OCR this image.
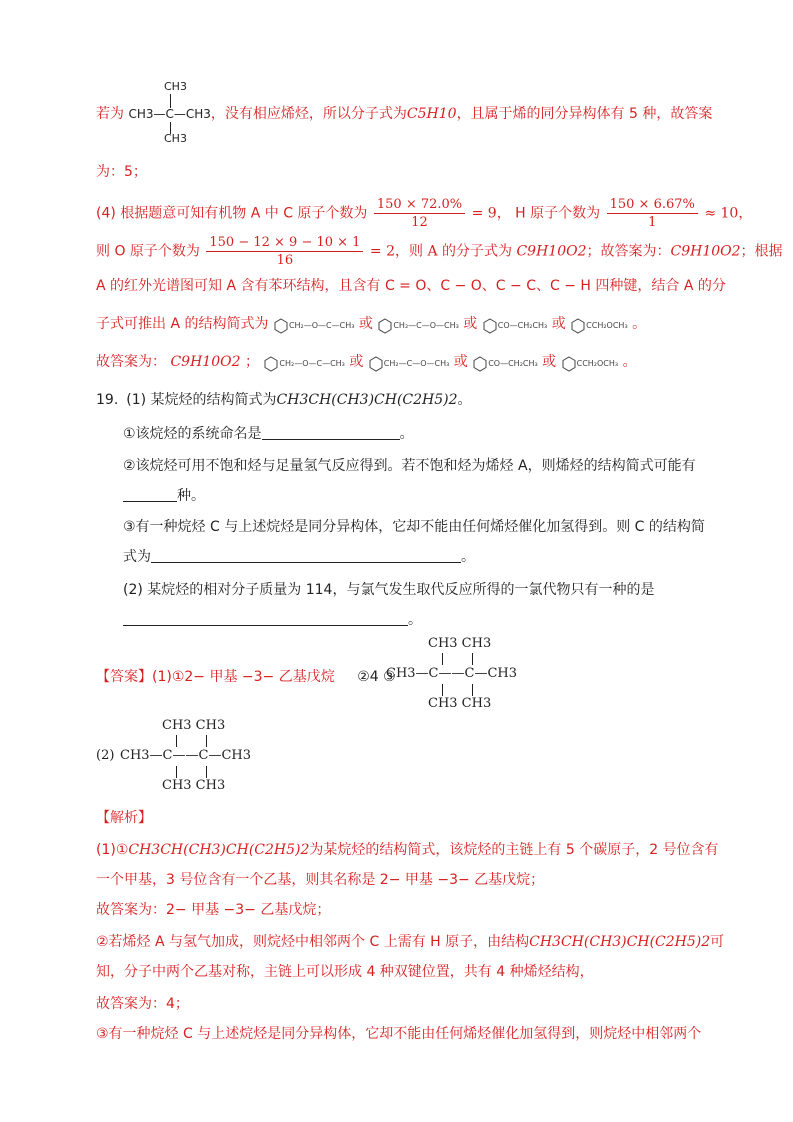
CH3
CH3
若为 CH3—C—CH3，没有相应烯烃，所以分子式为C5H10，且属于烯的同分异构体有 5 种，故答案
为：5；
(4) 根据题意可知有机物 A 中 C 原子个数为 $\frac{150 \times 72.0\%}{12} = 9$， H 原子个数为 $\frac{150 \times 6.67\%}{1} \approx 10$，
则 O 原子个数为 $\frac{150 - 12 \times 9 - 10 \times 1}{16} = 2$，则 A 的分子式为 C9H10O2；故答案为：C9H10O2；根据
A 的红外光谱图可知 A 含有苯环结构，且含有 C = O、C − O、C − C、C − H 四种键，结合 A 的分
子式可推出 A 的结构简式为	CH₂—O—C—CH₃ 或	CH₂—C—O—CH₃ 或	CO—CH₂CH₃ 或	CCH₂OCH₃ 。
故答案为： C9H10O2 ；	CH₂—O—C—CH₃ 或	CH₂—C—O—CH₃ 或	CO—CH₂CH₃ 或	CCH₂OCH₃ 。
19. (1) 某烷烃的结构简式为CH3CH(CH3)CH(C2H5)2。
①该烷烃的系统命名是	。
②该烷烃可用不饱和烃与足量氢气反应得到。若不饱和烃为烯烃 A，则烯烃的结构简式可能有
种。
③有一种烷烃 C 与上述烷烃是同分异构体，它却不能由任何烯烃催化加氢得到。则 C 的结构简
式为	。
(2) 某烷烃的相对分子质量为 114，与氯气发生取代反应所得的一氯代物只有一种的是
。
【答案】(1)①2− 甲基 −3− 乙基戊烷 ②4 ③
CH3 CH3
CH3—C——C—CH3
CH3 CH3
(2)
CH3 CH3
CH3—C——C—CH3
CH3 CH3
【解析】
(1)①CH3CH(CH3)CH(C2H5)2为某烷烃的结构简式，该烷烃的主链上有 5 个碳原子，2 号位含有
一个甲基，3 号位含有一个乙基，则其名称是 2− 甲基 −3− 乙基戊烷；
故答案为：2− 甲基 −3− 乙基戊烷；
②若烯烃 A 与氢气加成，则烷烃中相邻两个 C 上需有 H 原子，由结构CH3CH(CH3)CH(C2H5)2可
知，分子中两个乙基对称，主链上可以形成 4 种双键位置，共有 4 种烯烃结构，
故答案为：4；
③有一种烷烃 C 与上述烷烃是同分异构体，它却不能由任何烯烃催化加氢得到，则烷烃中相邻两个
